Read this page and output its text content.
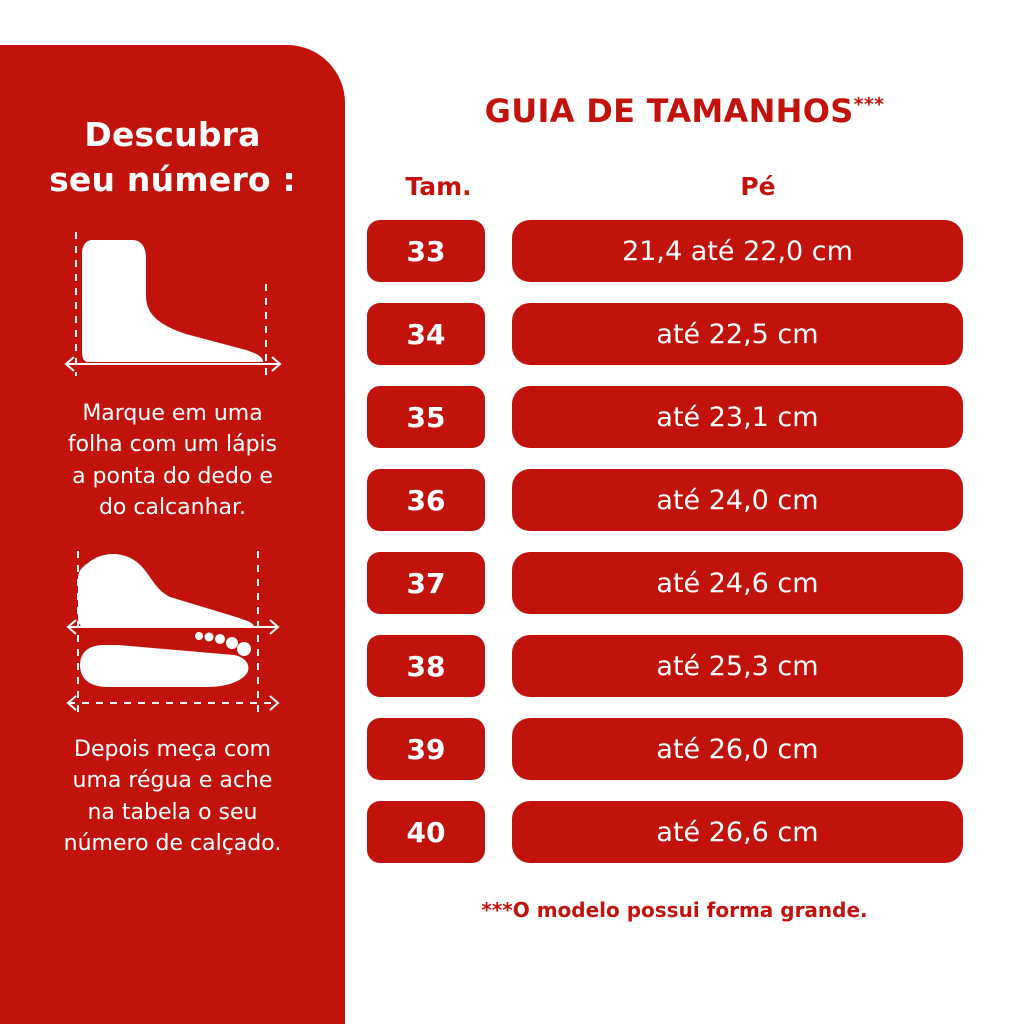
Descubra
seu número :
Marque em uma
folha com um lápis
a ponta do dedo e
do calcanhar.
Depois meça com
uma régua e ache
na tabela o seu
número de calçado.
GUIA DE TAMANHOS***
Tam.	Pé
33	21,4 até 22,0 cm
34	até 22,5 cm
35	até 23,1 cm
36	até 24,0 cm
37	até 24,6 cm
38	até 25,3 cm
39	até 26,0 cm
40	até 26,6 cm
***O modelo possui forma grande.
